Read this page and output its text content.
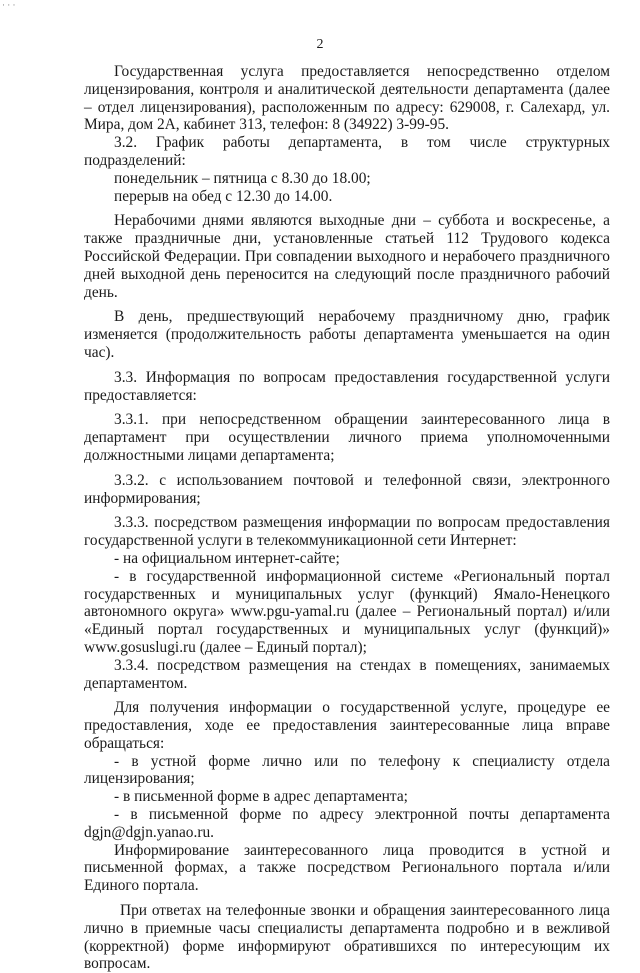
· · ·
2

Государственная услуга предоставляется непосредственно отделом лицензирования, контроля и аналитической деятельности департамента (далее – отдел лицензирования), расположенным по адресу: 629008, г. Салехард, ул. Мира, дом 2А, кабинет 313, телефон: 8 (34922) 3-99-95.

3.2. График работы департамента, в том числе структурных подразделений:

понедельник – пятница с 8.30 до 18.00;

перерыв на обед с 12.30 до 14.00.

Нерабочими днями являются выходные дни – суббота и воскресенье, а также праздничные дни, установленные статьей 112 Трудового кодекса Российской Федерации. При совпадении выходного и нерабочего праздничного дней выходной день переносится на следующий после праздничного рабочий день.

В день, предшествующий нерабочему праздничному дню, график изменяется (продолжительность работы департамента уменьшается на один час).

3.3. Информация по вопросам предоставления государственной услуги предоставляется:

3.3.1. при непосредственном обращении заинтересованного лица в департамент при осуществлении личного приема уполномоченными должностными лицами департамента;

3.3.2. с использованием почтовой и телефонной связи, электронного информирования;

3.3.3. посредством размещения информации по вопросам предоставления государственной услуги в телекоммуникационной сети Интернет:

- на официальном интернет-сайте;

- в государственной информационной системе «Региональный портал государственных и муниципальных услуг (функций) Ямало-Ненецкого автономного округа» www.pgu-yamal.ru (далее – Региональный портал) и/или «Единый портал государственных и муниципальных услуг (функций)» www.gosuslugi.ru (далее – Единый портал);

3.3.4. посредством размещения на стендах в помещениях, занимаемых департаментом.

Для получения информации о государственной услуге, процедуре ее предоставления, ходе ее предоставления заинтересованные лица вправе обращаться:

- в устной форме лично или по телефону к специалисту отдела лицензирования;

- в письменной форме в адрес департамента;

- в письменной форме по адресу электронной почты департамента dgjn@dgjn.yanao.ru.

Информирование заинтересованного лица проводится в устной и письменной формах, а также посредством Регионального портала и/или Единого портала.

При ответах на телефонные звонки и обращения заинтересованного лица лично в приемные часы специалисты департамента подробно и в вежливой (корректной) форме информируют обратившихся по интересующим их вопросам.
